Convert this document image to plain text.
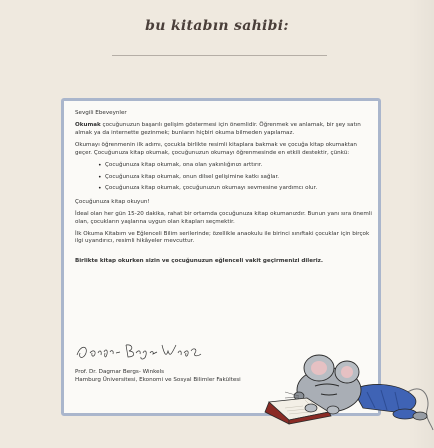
bu kitabın sahibi:

Sevgili Ebeveynler

Okumak çocuğunuzun başarılı gelişim göstermesi için önemlidir. Öğrenmek ve anlamak, bir şey satın almak ya da internette gezinmek; bunların hiçbiri okuma bilmeden yapılamaz.

Okumayı öğrenmenin ilk adımı, çocukla birlikte resimli kitaplara bakmak ve çocuğa kitap okumaktan geçer. Çocuğunuza kitap okumak, çocuğunuzun okumayı öğrenmesinde en etkili destektir, çünkü:

• Çocuğunuza kitap okumak, ona olan yakınlığınızı arttırır.
• Çocuğunuza kitap okumak, onun dilsel gelişimine katkı sağlar.
• Çocuğunuza kitap okumak, çocuğunuzun okumayı sevmesine yardımcı olur.

Çocuğunuza kitap okuyun!

İdeal olan her gün 15-20 dakika, rahat bir ortamda çocuğunuza kitap okumanızdır. Bunun yanı sıra önemli olan, çocukların yaşlarına uygun olan kitapları seçmektir.

İlk Okuma Kitabım ve Eğlenceli Bilim serilerinde; özellikle anaokulu ile birinci sınıftaki çocuklar için birçok ilgi uyandırıcı, resimli hikâyeler mevcuttur.

Birlikte kitap okurken sizin ve çocuğunuzun eğlenceli vakit geçirmenizi dileriz.

Prof. Dr. Dagmar Bergs- Winkels
Hamburg Üniversitesi, Ekonomi ve Sosyal Bilimler Fakültesi
